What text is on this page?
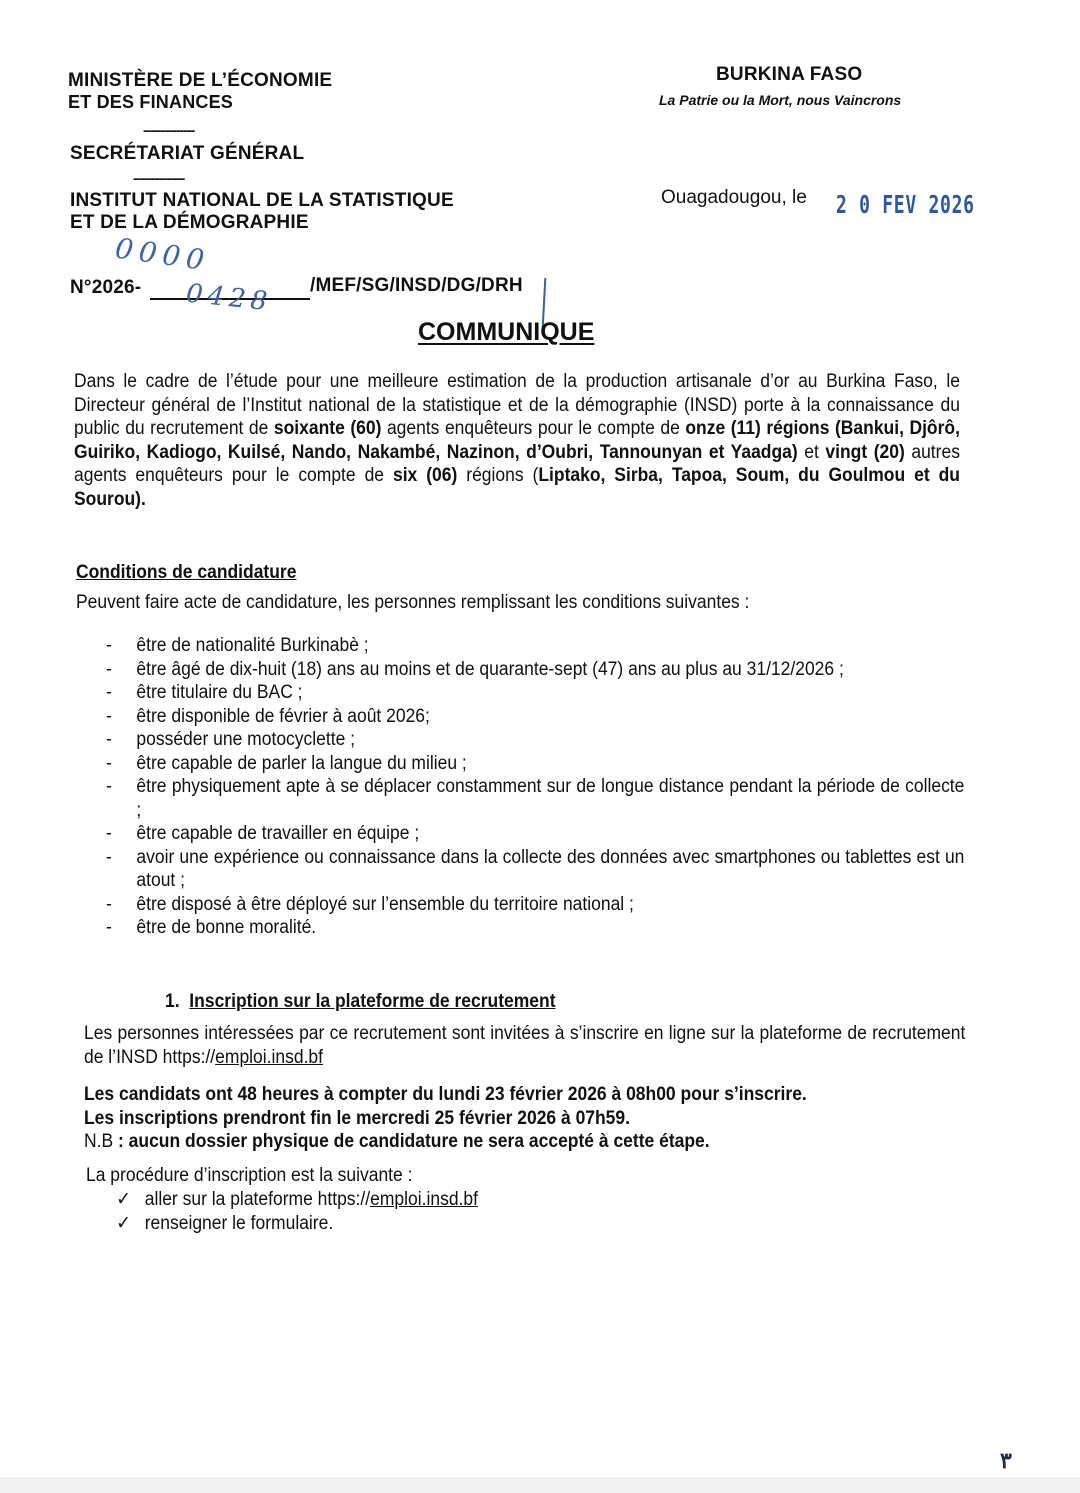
MINISTÈRE DE L’ÉCONOMIE
ET DES FINANCES
--------------
SECRÉTARIAT GÉNÉRAL
--------------
INSTITUT NATIONAL DE LA STATISTIQUE
ET DE LA DÉMOGRAPHIE
N°2026-
0000
0428 /MEF/SG/INSD/DG/DRH
BURKINA FASO
La Patrie ou la Mort, nous Vaincrons
Ouagadougou, le 2 0 FEV 2026
COMMUNIQUE
Dans le cadre de l’étude pour une meilleure estimation de la production artisanale d’or au Burkina Faso, le Directeur général de l’Institut national de la statistique et de la démographie (INSD) porte à la connaissance du public du recrutement de soixante (60) agents enquêteurs pour le compte de onze (11) régions (Bankui, Djôrô, Guiriko, Kadiogo, Kuilsé, Nando, Nakambé, Nazinon, d’Oubri, Tannounyan et Yaadga) et vingt (20) autres agents enquêteurs pour le compte de six (06) régions (Liptako, Sirba, Tapoa, Soum, du Goulmou et du Sourou).
Conditions de candidature
Peuvent faire acte de candidature, les personnes remplissant les conditions suivantes :
- être de nationalité Burkinabè ;
- être âgé de dix-huit (18) ans au moins et de quarante-sept (47) ans au plus au 31/12/2026 ;
- être titulaire du BAC ;
- être disponible de février à août 2026;
- posséder une motocyclette ;
- être capable de parler la langue du milieu ;
- être physiquement apte à se déplacer constamment sur de longue distance pendant la période de collecte ;
- être capable de travailler en équipe ;
- avoir une expérience ou connaissance dans la collecte des données avec smartphones ou tablettes est un atout ;
- être disposé à être déployé sur l’ensemble du territoire national ;
- être de bonne moralité.
1. Inscription sur la plateforme de recrutement
Les personnes intéressées par ce recrutement sont invitées à s’inscrire en ligne sur la plateforme de recrutement de l’INSD https://emploi.insd.bf
Les candidats ont 48 heures à compter du lundi 23 février 2026 à 08h00 pour s’inscrire.
Les inscriptions prendront fin le mercredi 25 février 2026 à 07h59.
N.B : aucun dossier physique de candidature ne sera accepté à cette étape.
La procédure d’inscription est la suivante :
✓ aller sur la plateforme https://emploi.insd.bf
✓ renseigner le formulaire.
٣
